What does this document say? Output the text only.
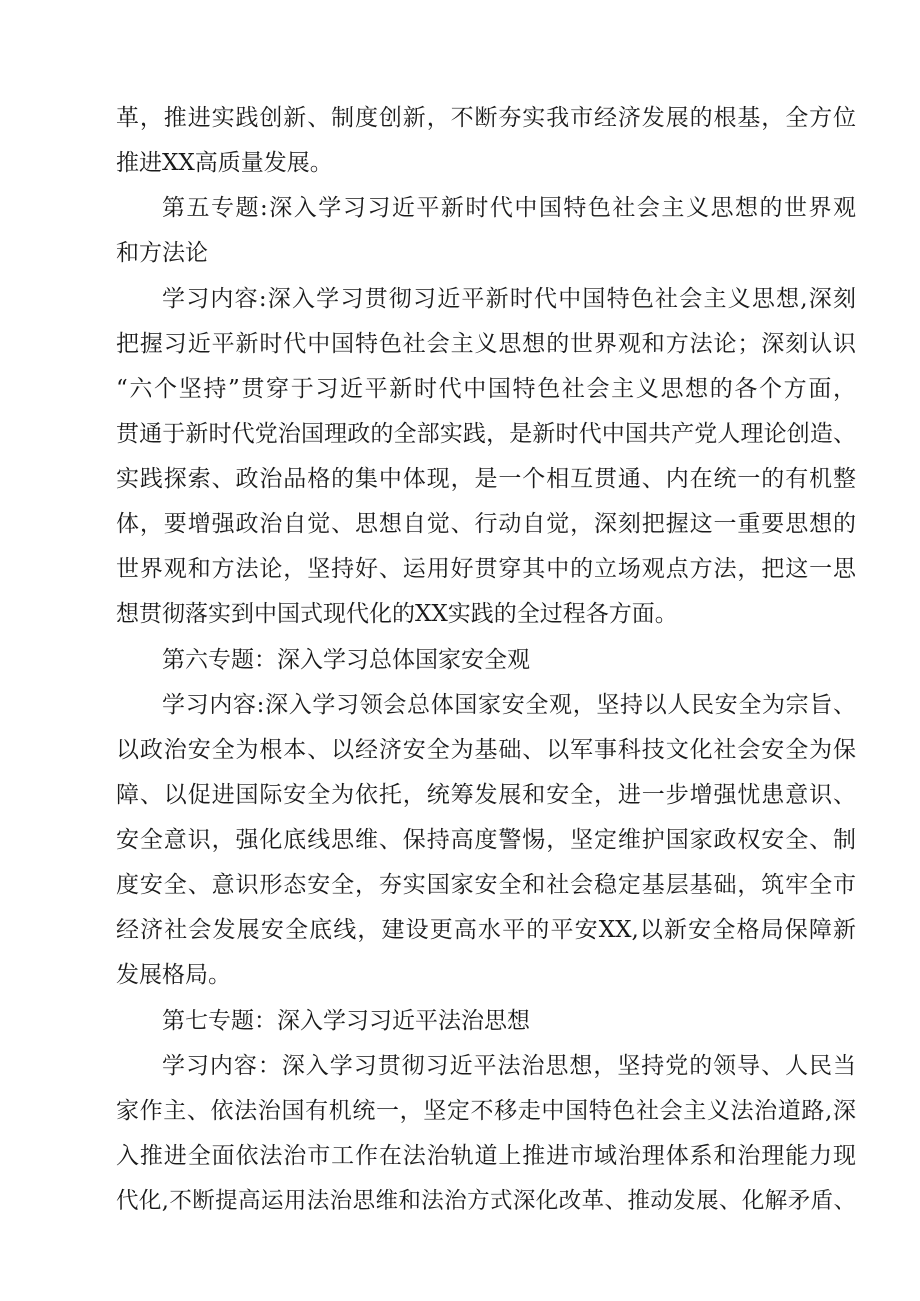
革，推进实践创新、制度创新，不断夯实我市经济发展的根基，全方位
推进XX高质量发展。
第五专题:深入学习习近平新时代中国特色社会主义思想的世界观
和方法论
学习内容:深入学习贯彻习近平新时代中国特色社会主义思想,深刻
把握习近平新时代中国特色社会主义思想的世界观和方法论；深刻认识
“六个坚持”贯穿于习近平新时代中国特色社会主义思想的各个方面，
贯通于新时代党治国理政的全部实践，是新时代中国共产党人理论创造、
实践探索、政治品格的集中体现，是一个相互贯通、内在统一的有机整
体，要增强政治自觉、思想自觉、行动自觉，深刻把握这一重要思想的
世界观和方法论，坚持好、运用好贯穿其中的立场观点方法，把这一思
想贯彻落实到中国式现代化的XX实践的全过程各方面。
第六专题：深入学习总体国家安全观
学习内容:深入学习领会总体国家安全观，坚持以人民安全为宗旨、
以政治安全为根本、以经济安全为基础、以军事科技文化社会安全为保
障、以促进国际安全为依托，统筹发展和安全，进一步增强忧患意识、
安全意识，强化底线思维、保持高度警惕，坚定维护国家政权安全、制
度安全、意识形态安全，夯实国家安全和社会稳定基层基础，筑牢全市
经济社会发展安全底线，建设更高水平的平安XX,以新安全格局保障新
发展格局。
第七专题：深入学习习近平法治思想
学习内容：深入学习贯彻习近平法治思想，坚持党的领导、人民当
家作主、依法治国有机统一，坚定不移走中国特色社会主义法治道路,深
入推进全面依法治市工作在法治轨道上推进市域治理体系和治理能力现
代化,不断提高运用法治思维和法治方式深化改革、推动发展、化解矛盾、
